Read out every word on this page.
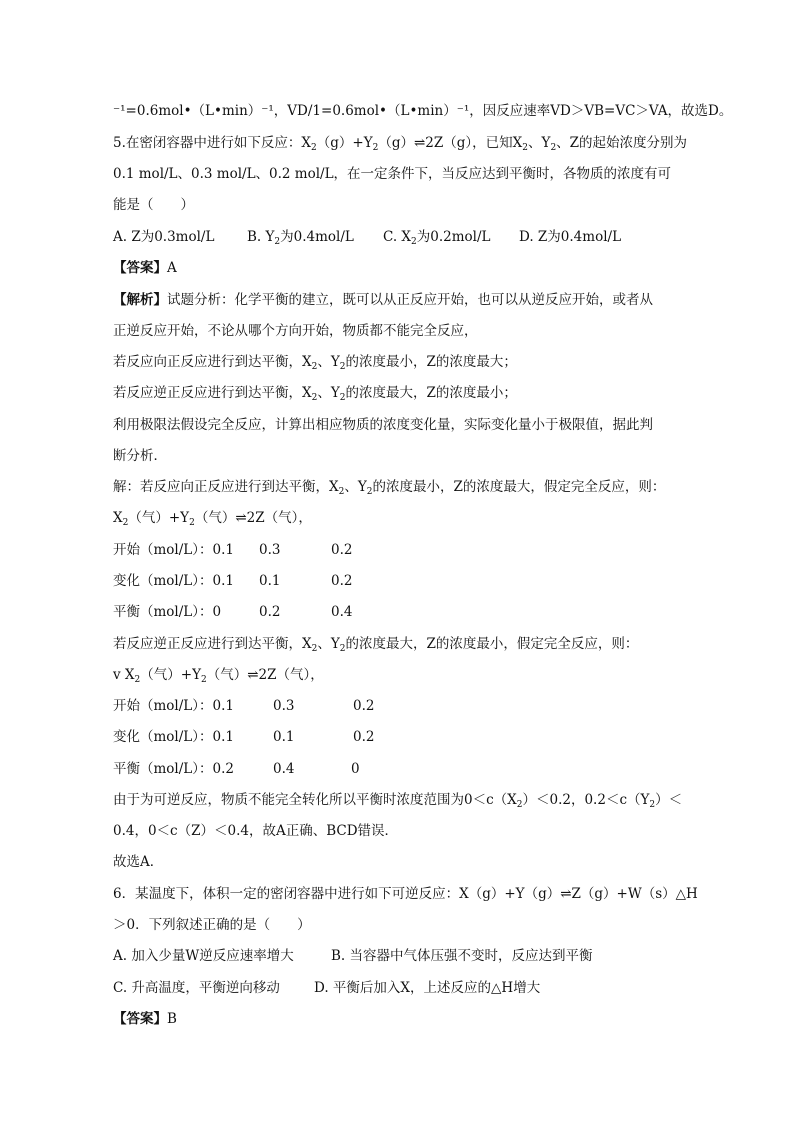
⁻¹=0.6mol•（L•min）⁻¹，VD/1=0.6mol•（L•min）⁻¹，因反应速率VD＞VB=VC＞VA，故选D。
5.在密闭容器中进行如下反应：$X_2(g)+Y_2(g)\rightleftharpoons 2Z(g)$，已知$X_2$、$Y_2$、Z的起始浓度分别为
0.1 mol/L、0.3 mol/L、0.2 mol/L，在一定条件下，当反应达到平衡时，各物质的浓度有可
能是（　　）
A. Z为0.3mol/L B. $Y_2$为0.4mol/L C. $X_2$为0.2mol/L D. Z为0.4mol/L
【答案】A
【解析】试题分析：化学平衡的建立，既可以从正反应开始，也可以从逆反应开始，或者从
正逆反应开始，不论从哪个方向开始，物质都不能完全反应，
若反应向正反应进行到达平衡，$X_2$、$Y_2$的浓度最小，Z的浓度最大；
若反应逆正反应进行到达平衡，$X_2$、$Y_2$的浓度最大，Z的浓度最小；
利用极限法假设完全反应，计算出相应物质的浓度变化量，实际变化量小于极限值，据此判
断分析．
解：若反应向正反应进行到达平衡，$X_2$、$Y_2$的浓度最小，Z的浓度最大，假定完全反应，则：
$X_2$（气）$+Y_2$（气）⇌2Z（气），
开始（mol/L）：0.1 0.3	0.2
变化（mol/L）：0.1 0.1	0.2
平衡（mol/L）：0	0.2	0.4
若反应逆正反应进行到达平衡，$X_2$、$Y_2$的浓度最大，Z的浓度最小，假定完全反应，则：
v $X_2$（气）$+Y_2$（气）⇌2Z（气），
开始（mol/L）：0.1	0.3	0.2
变化（mol/L）：0.1	0.1	0.2
平衡（mol/L）：0.2	0.4	0
由于为可逆反应，物质不能完全转化所以平衡时浓度范围为$0<c(X_2)<0.2$，$0.2<c(Y_2)<$
0.4，0＜c（Z）＜0.4，故A正确、BCD错误．
故选A．
6．某温度下，体积一定的密闭容器中进行如下可逆反应：X（g）+Y（g）⇌Z（g）+W（s）△H
＞0．下列叙述正确的是（　　）
A. 加入少量W逆反应速率增大	B. 当容器中气体压强不变时，反应达到平衡
C. 升高温度，平衡逆向移动	D. 平衡后加入X，上述反应的△H增大
【答案】B
